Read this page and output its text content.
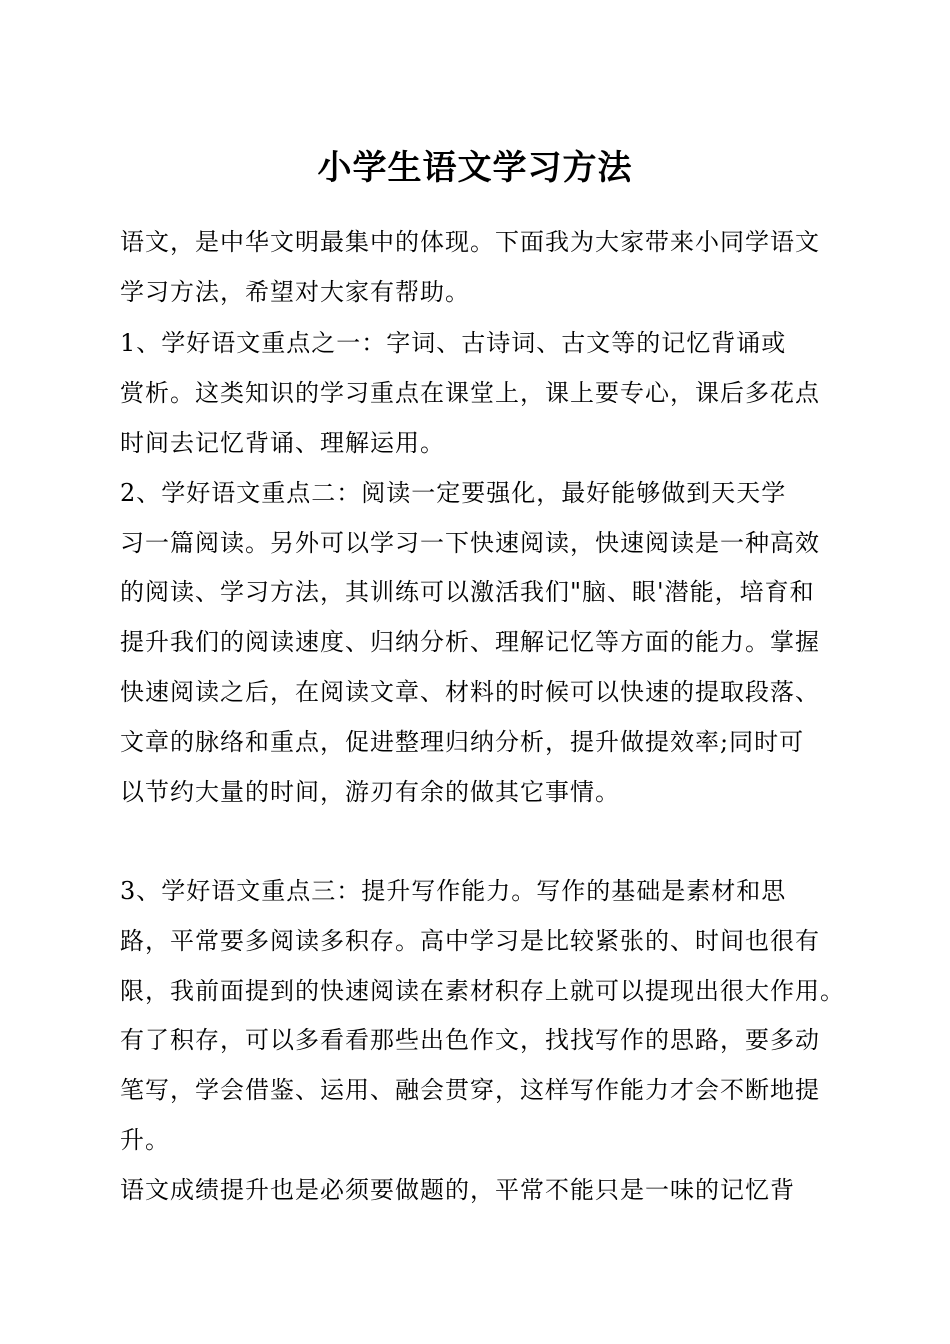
小学生语文学习方法
语文，是中华文明最集中的体现。下面我为大家带来小同学语文
学习方法，希望对大家有帮助。
1、学好语文重点之一：字词、古诗词、古文等的记忆背诵或
赏析。这类知识的学习重点在课堂上，课上要专心，课后多花点
时间去记忆背诵、理解运用。
2、学好语文重点二：阅读一定要强化，最好能够做到天天学
习一篇阅读。另外可以学习一下快速阅读，快速阅读是一种高效
的阅读、学习方法，其训练可以激活我们"脑、眼'潜能，培育和
提升我们的阅读速度、归纳分析、理解记忆等方面的能力。掌握
快速阅读之后，在阅读文章、材料的时候可以快速的提取段落、
文章的脉络和重点，促进整理归纳分析，提升做提效率;同时可
以节约大量的时间，游刃有余的做其它事情。
3、学好语文重点三：提升写作能力。写作的基础是素材和思
路，平常要多阅读多积存。高中学习是比较紧张的、时间也很有
限，我前面提到的快速阅读在素材积存上就可以提现出很大作用。
有了积存，可以多看看那些出色作文，找找写作的思路，要多动
笔写，学会借鉴、运用、融会贯穿，这样写作能力才会不断地提
升。
语文成绩提升也是必须要做题的，平常不能只是一味的记忆背
